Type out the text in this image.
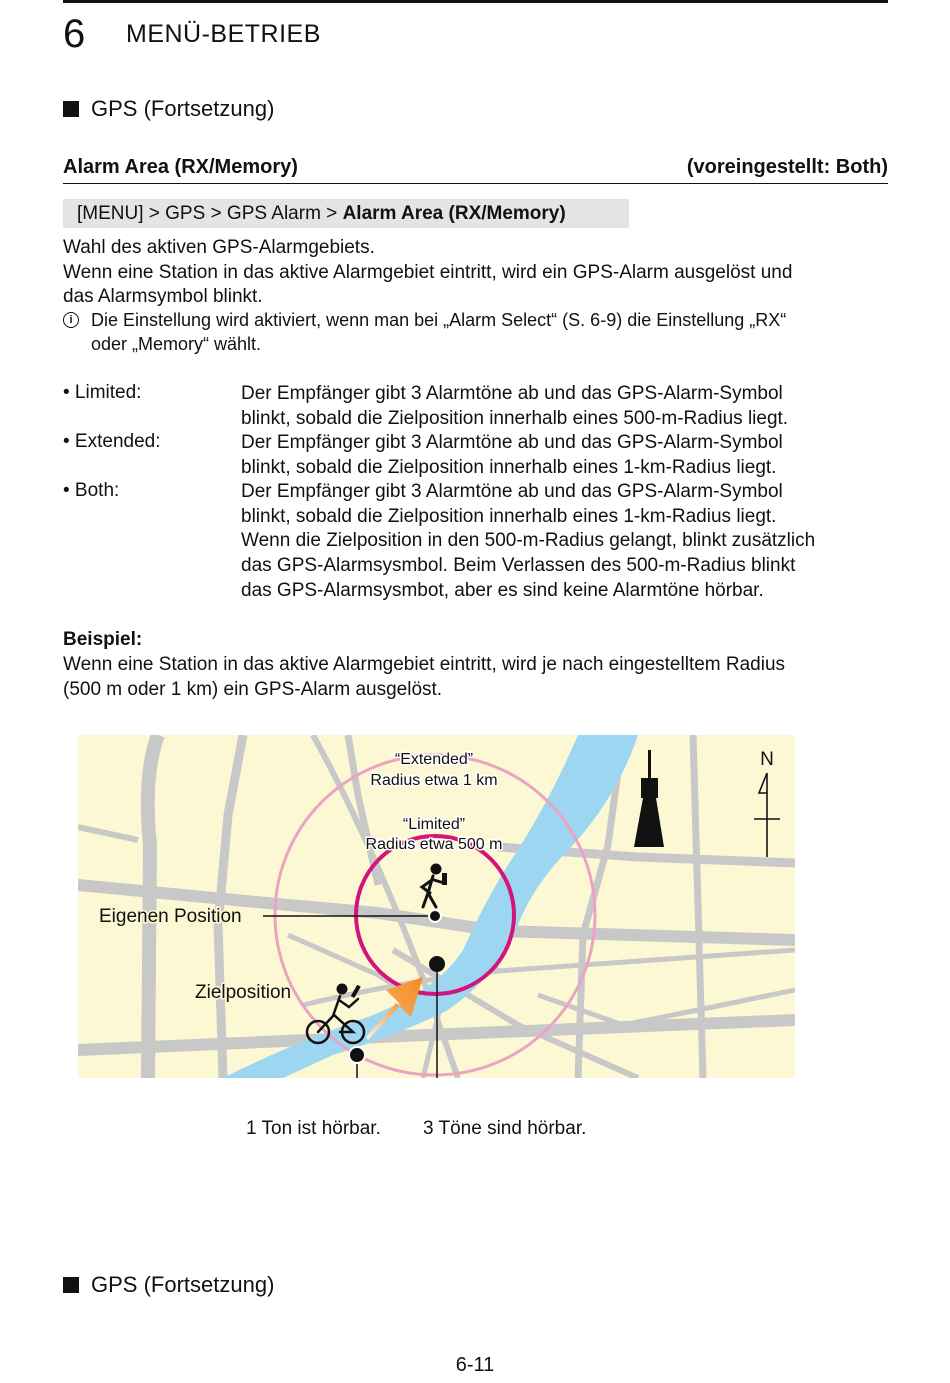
6 MENÜ-BETRIEB
GPS (Fortsetzung)
Alarm Area (RX/Memory)	(voreingestellt: Both)
[MENU] > GPS > GPS Alarm > Alarm Area (RX/Memory)
Wahl des aktiven GPS-Alarmgebiets.
Wenn eine Station in das aktive Alarmgebiet eintritt, wird ein GPS-Alarm ausgelöst und
das Alarmsymbol blinkt.
i	Die Einstellung wird aktiviert, wenn man bei „Alarm Select“ (S. 6-9) die Einstellung „RX“
oder „Memory“ wählt.
• Limited:	Der Empfänger gibt 3 Alarmtöne ab und das GPS-Alarm-Symbol
blinkt, sobald die Zielposition innerhalb eines 500-m-Radius liegt.
• Extended:	Der Empfänger gibt 3 Alarmtöne ab und das GPS-Alarm-Symbol
blinkt, sobald die Zielposition innerhalb eines 1-km-Radius liegt.
• Both:	Der Empfänger gibt 3 Alarmtöne ab und das GPS-Alarm-Symbol
blinkt, sobald die Zielposition innerhalb eines 1-km-Radius liegt.
Wenn die Zielposition in den 500-m-Radius gelangt, blinkt zusätzlich
das GPS-Alarmsysmbol. Beim Verlassen des 500-m-Radius blinkt
das GPS-Alarmsysmbot, aber es sind keine Alarmtöne hörbar.
Beispiel:
Wenn eine Station in das aktive Alarmgebiet eintritt, wird je nach eingestelltem Radius
(500 m oder 1 km) ein GPS-Alarm ausgelöst.
N
“Extended”
Radius etwa 1 km
“Limited”
Radius etwa 500 m
Eigenen Position
Zielposition
1 Ton ist hörbar. 3 Töne sind hörbar.
GPS (Fortsetzung)
6-11
